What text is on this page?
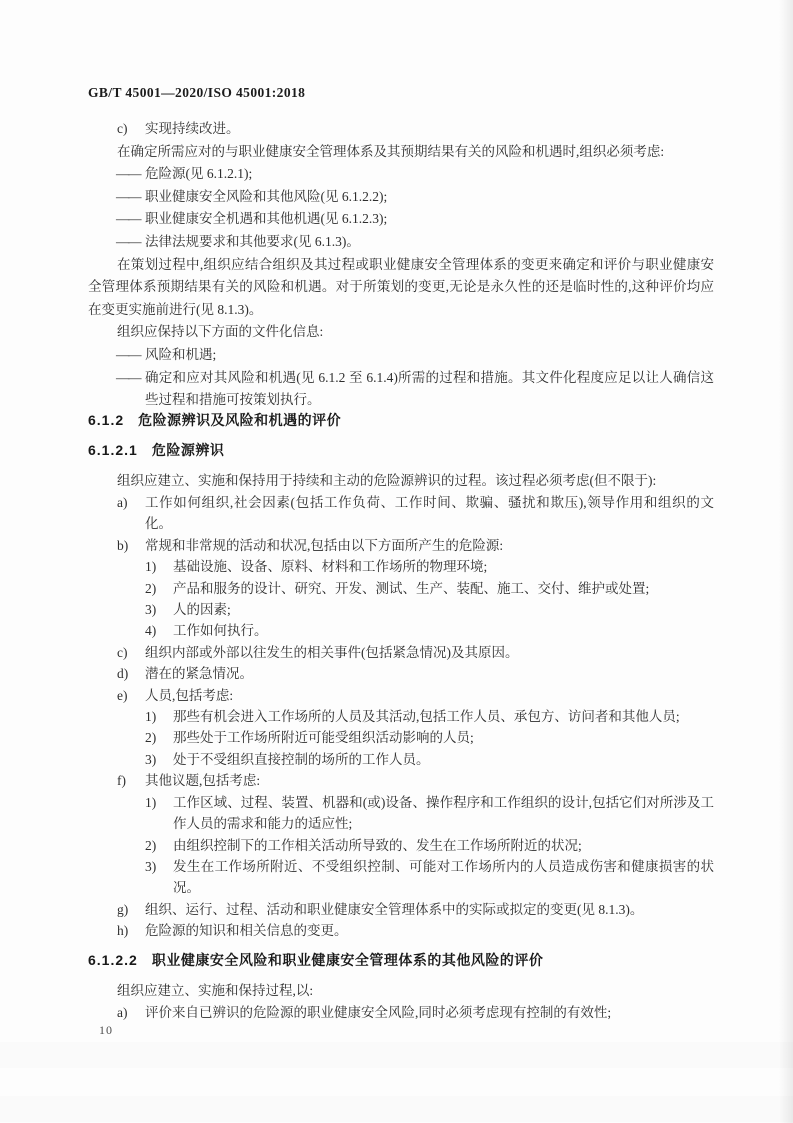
GB/T 45001—2020/ISO 45001:2018
c) 实现持续改进。
在确定所需应对的与职业健康安全管理体系及其预期结果有关的风险和机遇时,组织必须考虑:
—— 危险源(见 6.1.2.1);
—— 职业健康安全风险和其他风险(见 6.1.2.2);
—— 职业健康安全机遇和其他机遇(见 6.1.2.3);
—— 法律法规要求和其他要求(见 6.1.3)。
在策划过程中,组织应结合组织及其过程或职业健康安全管理体系的变更来确定和评价与职业健康安全管理体系预期结果有关的风险和机遇。对于所策划的变更,无论是永久性的还是临时性的,这种评价均应在变更实施前进行(见 8.1.3)。
组织应保持以下方面的文件化信息:
—— 风险和机遇;
—— 确定和应对其风险和机遇(见 6.1.2 至 6.1.4)所需的过程和措施。其文件化程度应足以让人确信这些过程和措施可按策划执行。
6.1.2 危险源辨识及风险和机遇的评价
6.1.2.1 危险源辨识
组织应建立、实施和保持用于持续和主动的危险源辨识的过程。该过程必须考虑(但不限于):
a) 工作如何组织,社会因素(包括工作负荷、工作时间、欺骗、骚扰和欺压),领导作用和组织的文化。
b) 常规和非常规的活动和状况,包括由以下方面所产生的危险源:
1) 基础设施、设备、原料、材料和工作场所的物理环境;
2) 产品和服务的设计、研究、开发、测试、生产、装配、施工、交付、维护或处置;
3) 人的因素;
4) 工作如何执行。
c) 组织内部或外部以往发生的相关事件(包括紧急情况)及其原因。
d) 潜在的紧急情况。
e) 人员,包括考虑:
1) 那些有机会进入工作场所的人员及其活动,包括工作人员、承包方、访问者和其他人员;
2) 那些处于工作场所附近可能受组织活动影响的人员;
3) 处于不受组织直接控制的场所的工作人员。
f) 其他议题,包括考虑:
1) 工作区域、过程、装置、机器和(或)设备、操作程序和工作组织的设计,包括它们对所涉及工作人员的需求和能力的适应性;
2) 由组织控制下的工作相关活动所导致的、发生在工作场所附近的状况;
3) 发生在工作场所附近、不受组织控制、可能对工作场所内的人员造成伤害和健康损害的状况。
g) 组织、运行、过程、活动和职业健康安全管理体系中的实际或拟定的变更(见 8.1.3)。
h) 危险源的知识和相关信息的变更。
6.1.2.2 职业健康安全风险和职业健康安全管理体系的其他风险的评价
组织应建立、实施和保持过程,以:
a) 评价来自已辨识的危险源的职业健康安全风险,同时必须考虑现有控制的有效性;
10
